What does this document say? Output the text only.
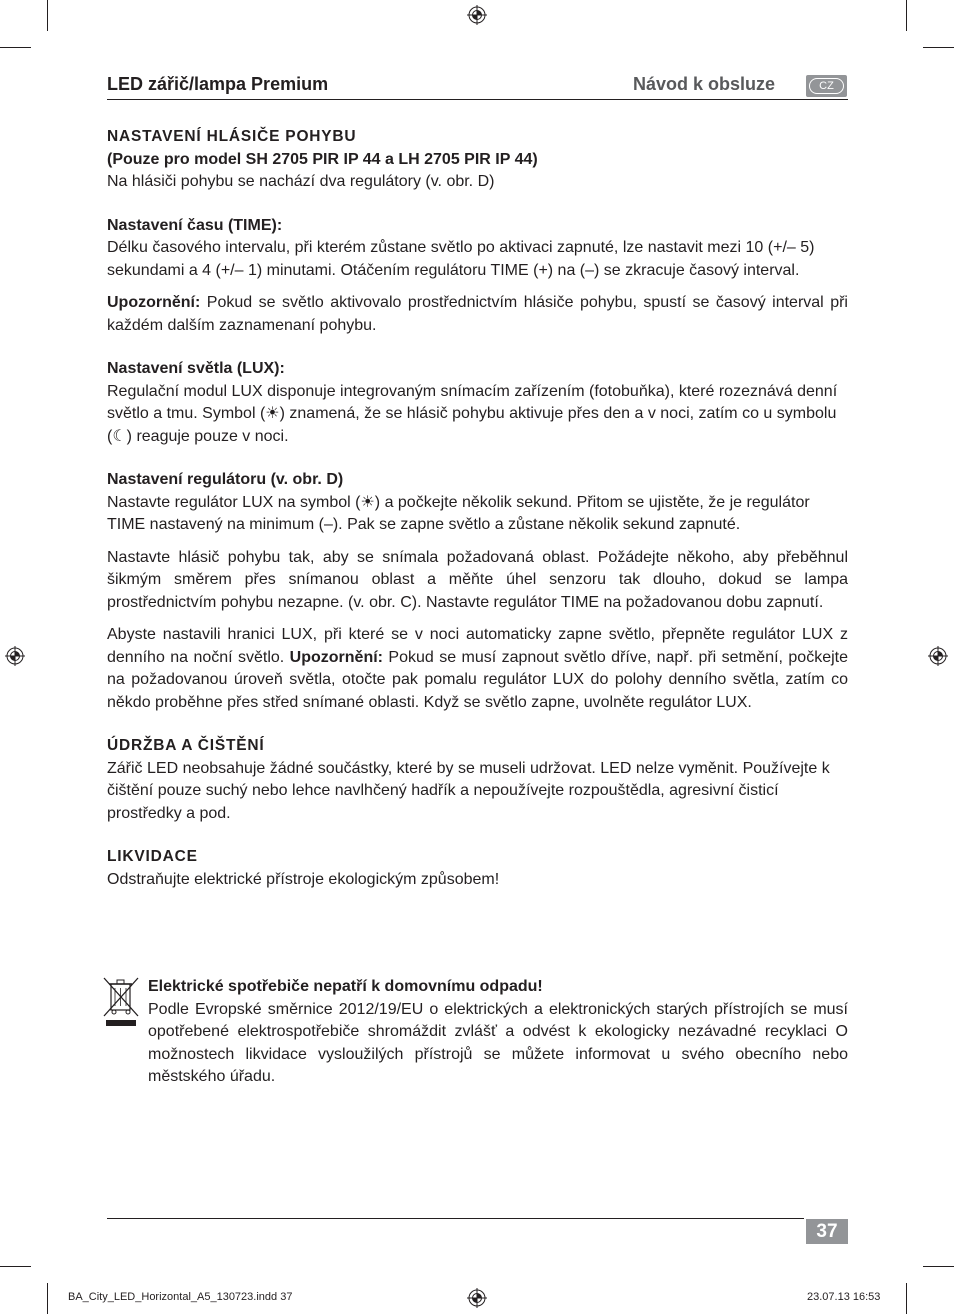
LED zářič/lampa Premium	Návod k obsluze	CZ

NASTAVENÍ HLÁSIČE POHYBU

(Pouze pro model SH 2705 PIR IP 44 a LH 2705 PIR IP 44)

Na hlásiči pohybu se nachází dva regulátory (v. obr. D)

Nastavení času (TIME):

Délku časového intervalu, při kterém zůstane světlo po aktivaci zapnuté, lze nastavit mezi 10 (+/– 5) sekundami a 4 (+/– 1) minutami. Otáčením regulátoru TIME (+) na (–) se zkracuje časový interval.

Upozornění: Pokud se světlo aktivovalo prostřednictvím hlásiče pohybu, spustí se časový interval při každém dalším zaznamenaní pohybu.

Nastavení světla (LUX):

Regulační modul LUX disponuje integrovaným snímacím zařízením (fotobuňka), které rozeznává denní světlo a tmu. Symbol (☀) znamená, že se hlásič pohybu aktivuje přes den a v noci, zatím co u symbolu (☾) reaguje pouze v noci.

Nastavení regulátoru (v. obr. D)

Nastavte regulátor LUX na symbol (☀) a počkejte několik sekund. Přitom se ujistěte, že je regulátor TIME nastavený na minimum (–). Pak se zapne světlo a zůstane několik sekund zapnuté.

Nastavte hlásič pohybu tak, aby se snímala požadovaná oblast. Požádejte někoho, aby přeběhnul šikmým směrem přes snímanou oblast a měňte úhel senzoru tak dlouho, dokud se lampa prostřednictvím pohybu nezapne. (v. obr. C). Nastavte regulátor TIME na požadovanou dobu zapnutí.

Abyste nastavili hranici LUX, při které se v noci automaticky zapne světlo, přepněte regulátor LUX z denního na noční světlo. Upozornění: Pokud se musí zapnout světlo dříve, např. při setmění, počkejte na požadovanou úroveň světla, otočte pak pomalu regulátor LUX do polohy denního světla, zatím co někdo proběhne přes střed snímané oblasti. Když se světlo zapne, uvolněte regulátor LUX.

ÚDRŽBA A ČIŠTĚNÍ

Zářič LED neobsahuje žádné součástky, které by se museli udržovat. LED nelze vyměnit. Používejte k čištění pouze suchý nebo lehce navlhčený hadřík a nepoužívejte rozpouštědla, agresivní čisticí prostředky a pod.

LIKVIDACE

Odstraňujte elektrické přístroje ekologickým způsobem!

Elektrické spotřebiče nepatří k domovnímu odpadu!

Podle Evropské směrnice 2012/19/EU o elektrických a elektronických starých přístrojích se musí opotřebené elektrospotřebiče shromáždit zvlášť a odvést k ekologicky nezávadné recyklaci O možnostech likvidace vysloužilých přístrojů se můžete informovat u svého obecního nebo městského úřadu.

37
BA_City_LED_Horizontal_A5_130723.indd 37	23.07.13 16:53
